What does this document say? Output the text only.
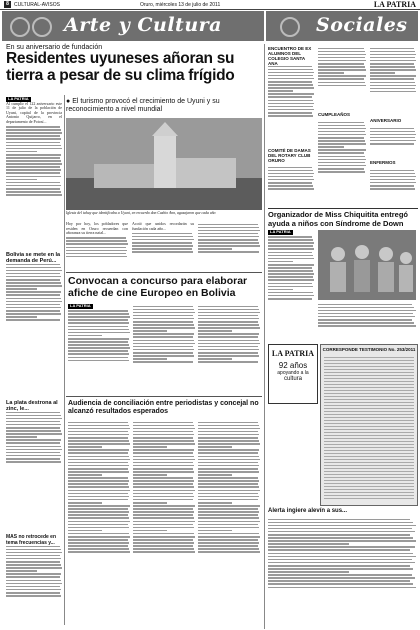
8	CULTURAL-AVISOS	Oruro, miércoles 13 de julio de 2011	LA PATRIA
Arte y Cultura	Sociales
En su aniversario de fundación
Residentes uyuneses añoran su tierra a pesar de su clima frígido
LA PATRIA
Al cumplir el 122 aniversario este 11 de julio de la población de Uyuni, capital de la provincia Antonio Quijarro, en el departamento de Potosí...
● El turismo provocó el crecimiento de Uyuni y su reconocimiento a nivel mundial
Iglesia del tahuy que identificaba a Uyuni, en recuerdo don Cashio Ann, agasajaron que cada año
Hoy por hoy, los pobladores que residen en Oruro recuerdan con añoranza su tierra natal...
Acotó que unidos recordarán su fundación cada año...
Bolivia se mete en la demanda de Perú...
La plata destrona al zinc, le...
MAS no retrocede en tema frecuencias y...
Convocan a concurso para elaborar afiche de cine Europeo en Bolivia
LA PATRIA
Audiencia de conciliación entre periodistas y concejal no alcanzó resultados esperados
ENCUENTRO DE EX ALUMNOS DEL COLEGIO SANTA ANA
COMITÉ DE DAMAS DEL ROTARY CLUB ORURO
CUMPLEAÑOS
ANIVERSARIO
ENFERMOS
Organizador de Miss Chiquitita entregó ayuda a niños con Síndrome de Down
LA PATRIA
LA PATRIA
92 años
apoyando a la
cultura
CORRESPONDE TESTIMONIO No. 253/2011
Alerta ingiere alevín a sus...
